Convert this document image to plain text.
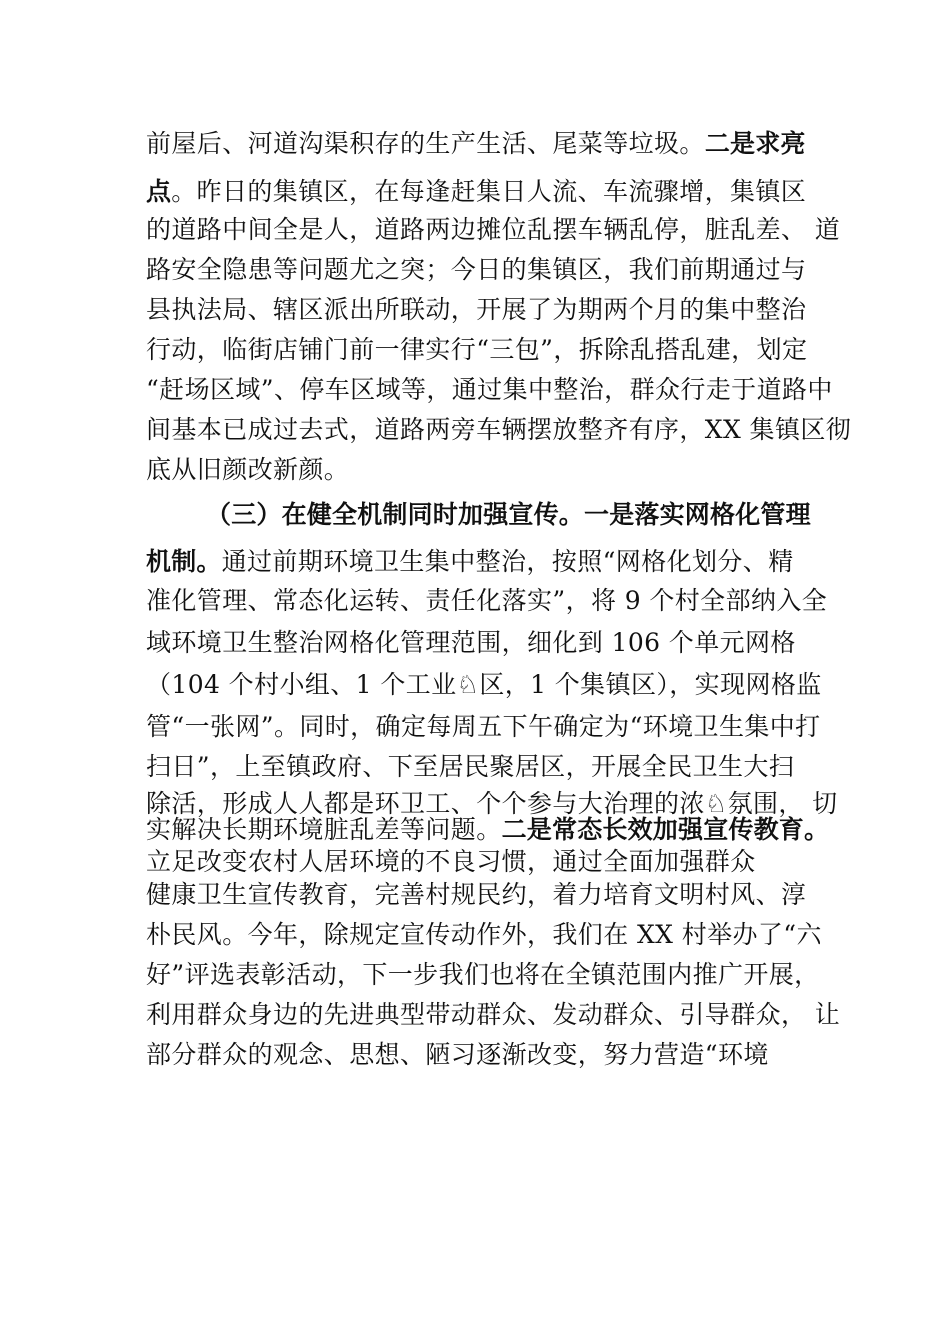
前屋后、河道沟渠积存的生产生活、尾菜等垃圾。二是求亮

点。昨日的集镇区，在每逢赶集日人流、车流骤增，集镇区

的道路中间全是人，道路两边摊位乱摆车辆乱停，脏乱差、 道

路安全隐患等问题尤之突；今日的集镇区，我们前期通过与

县执法局、辖区派出所联动，开展了为期两个月的集中整治

行动，临街店铺门前一律实行“三包”，拆除乱搭乱建，划定

“赶场区域”、停车区域等，通过集中整治，群众行走于道路中

间基本已成过去式，道路两旁车辆摆放整齐有序，XX 集镇区彻

底从旧颜改新颜。

（三）在健全机制同时加强宣传。一是落实网格化管理

机制。通过前期环境卫生集中整治，按照“网格化划分、精

准化管理、常态化运转、责任化落实”，将 9 个村全部纳入全

域环境卫生整治网格化管理范围，细化到 106 个单元网格

（104 个村小组、1 个工业♘区，1 个集镇区），实现网格监

管“一张网”。同时，确定每周五下午确定为“环境卫生集中打

扫日”，上至镇政府、下至居民聚居区，开展全民卫生大扫

除活，形成人人都是环卫工、个个参与大治理的浓♘氛围， 切

实解决长期环境脏乱差等问题。二是常态长效加强宣传教育。

立足改变农村人居环境的不良习惯，通过全面加强群众

健康卫生宣传教育，完善村规民约，着力培育文明村风、淳

朴民风。今年，除规定宣传动作外，我们在 XX 村举办了“六

好”评选表彰活动，下一步我们也将在全镇范围内推广开展，

利用群众身边的先进典型带动群众、发动群众、引导群众， 让

部分群众的观念、思想、陋习逐渐改变，努力营造“环境
